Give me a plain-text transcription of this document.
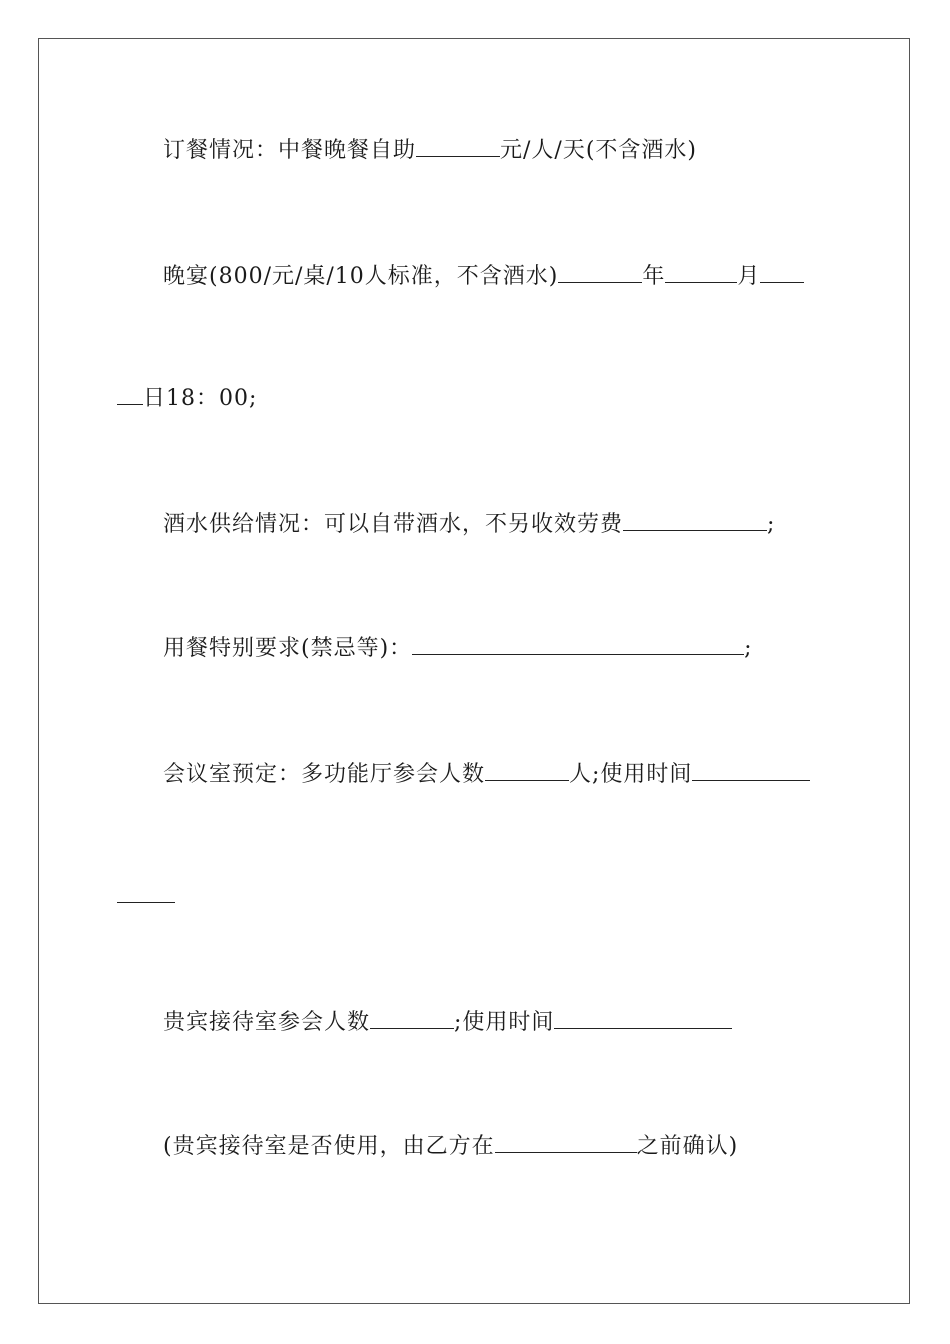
订餐情况：中餐晚餐自助	元/人/天(不含酒水)
晚宴(800/元/桌/10人标准，不含酒水)	年	月
日18：00;
酒水供给情况：可以自带酒水，不另收效劳费	;
用餐特别要求(禁忌等)：	;
会议室预定：多功能厅参会人数	人;使用时间
贵宾接待室参会人数	;使用时间
(贵宾接待室是否使用，由乙方在	之前确认)
